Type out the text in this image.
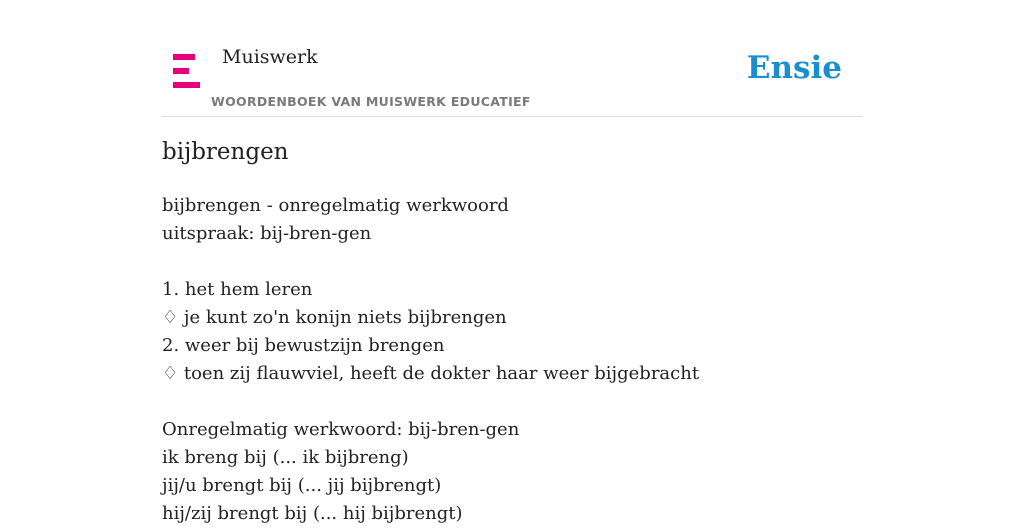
Muiswerk
WOORDENBOEK VAN MUISWERK EDUCATIEF
Ensie
bijbrengen
bijbrengen - onregelmatig werkwoord
uitspraak: bij-bren-gen
1. het hem leren
♢ je kunt zo'n konijn niets bijbrengen
2. weer bij bewustzijn brengen
♢ toen zij flauwviel, heeft de dokter haar weer bijgebracht
Onregelmatig werkwoord: bij-bren-gen
ik breng bij (... ik bijbreng)
jij/u brengt bij (... jij bijbrengt)
hij/zij brengt bij (... hij bijbrengt)
